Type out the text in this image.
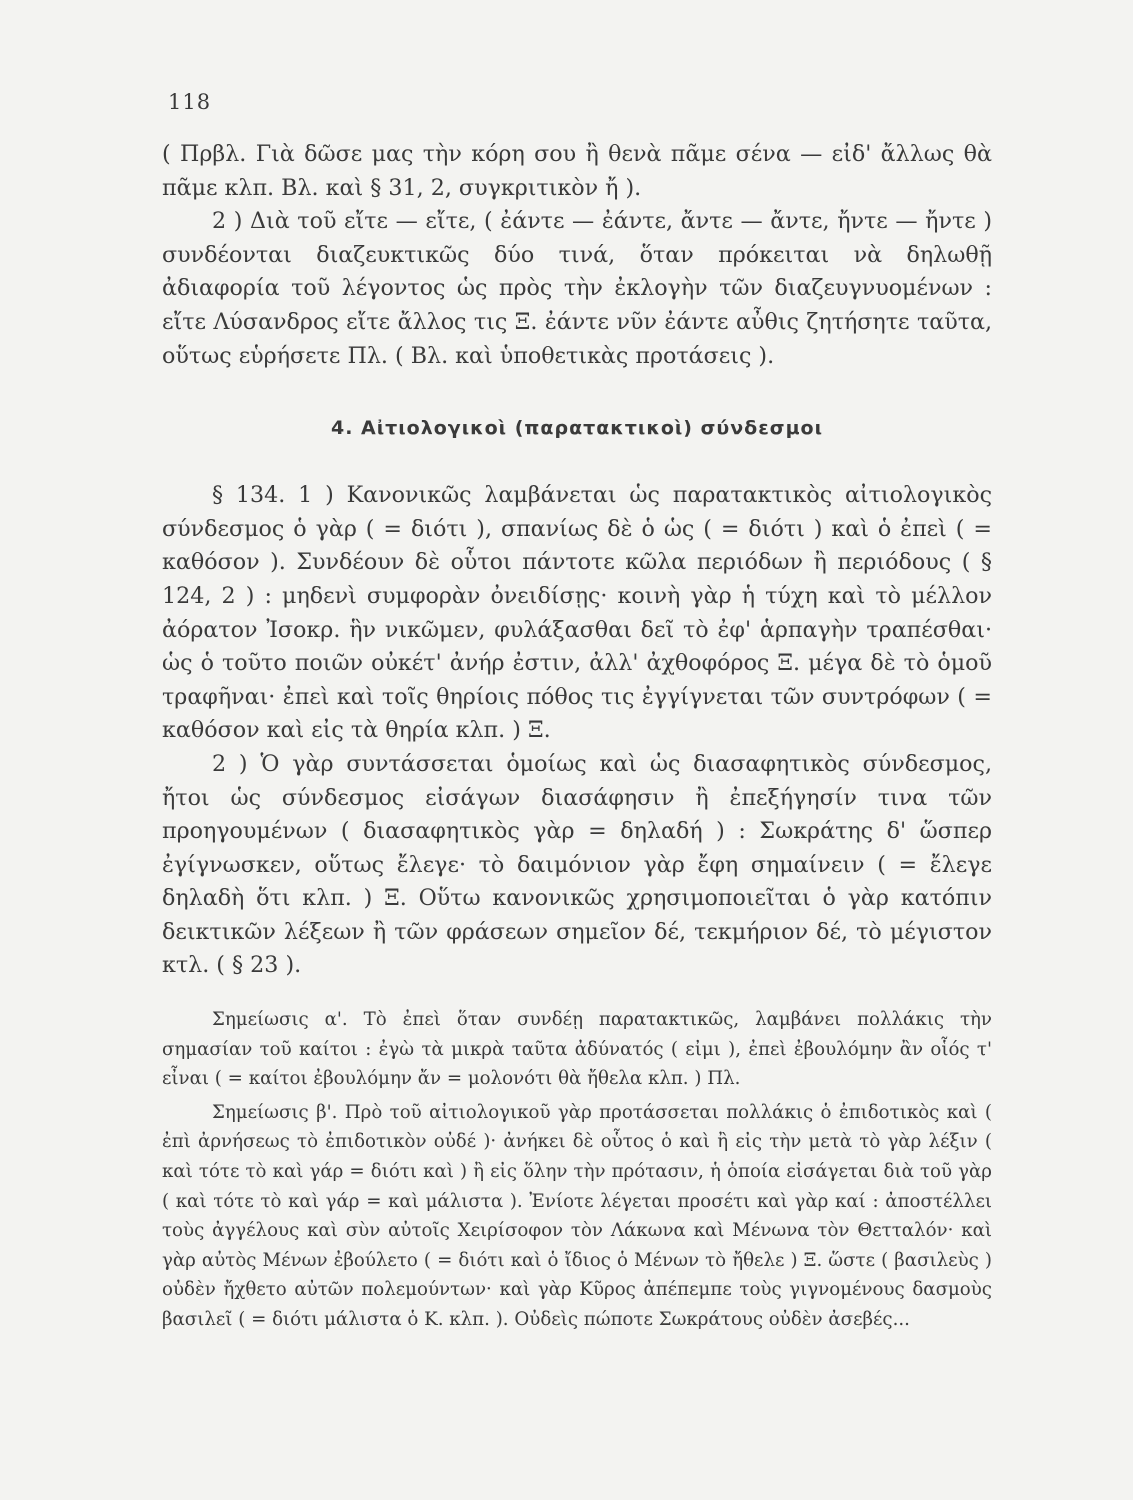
118

( Πρβλ. Γιὰ δῶσε μας τὴν κόρη σου ἢ θενὰ πᾶμε σένα — εἰδ' ἄλλως θὰ πᾶμε κλπ. Βλ. καὶ § 31, 2, συγκριτικὸν ἤ ).

2 ) Διὰ τοῦ εἴτε — εἴτε, ( ἐάντε — ἐάντε, ἄντε — ἄντε, ἤντε — ἤντε ) συνδέονται διαζευκτικῶς δύο τινά, ὅταν πρόκειται νὰ δηλωθῇ ἀδιαφορία τοῦ λέγοντος ὡς πρὸς τὴν ἐκλογὴν τῶν διαζευγνυομένων : εἴτε Λύσανδρος εἴτε ἄλλος τις Ξ. ἐάντε νῦν ἐάντε αὖθις ζητήσητε ταῦτα, οὕτως εὑρήσετε Πλ. ( Βλ. καὶ ὑποθετικὰς προτάσεις ).

4. Αἰτιολογικοὶ (παρατακτικοὶ) σύνδεσμοι

§ 134. 1 ) Κανονικῶς λαμβάνεται ὡς παρατακτικὸς αἰτιολογικὸς σύνδεσμος ὁ γὰρ ( = διότι ), σπανίως δὲ ὁ ὡς ( = διότι ) καὶ ὁ ἐπεὶ ( = καθόσον ). Συνδέουν δὲ οὗτοι πάντοτε κῶλα περιόδων ἢ περιόδους ( § 124, 2 ) : μηδενὶ συμφορὰν ὀνειδίσῃς· κοινὴ γὰρ ἡ τύχη καὶ τὸ μέλλον ἀόρατον Ἰσοκρ. ἣν νικῶμεν, φυλάξασθαι δεῖ τὸ ἐφ' ἁρπαγὴν τραπέσθαι· ὡς ὁ τοῦτο ποιῶν οὐκέτ' ἀνήρ ἐστιν, ἀλλ' ἀχθοφόρος Ξ. μέγα δὲ τὸ ὁμοῦ τραφῆναι· ἐπεὶ καὶ τοῖς θηρίοις πόθος τις ἐγγίγνεται τῶν συντρόφων ( = καθόσον καὶ εἰς τὰ θηρία κλπ. ) Ξ.

2 ) Ὁ γὰρ συντάσσεται ὁμοίως καὶ ὡς διασαφητικὸς σύνδεσμος, ἤτοι ὡς σύνδεσμος εἰσάγων διασάφησιν ἢ ἐπεξήγησίν τινα τῶν προηγουμένων ( διασαφητικὸς γὰρ = δηλαδή ) : Σωκράτης δ' ὥσπερ ἐγίγνωσκεν, οὕτως ἔλεγε· τὸ δαιμόνιον γὰρ ἔφη σημαίνειν ( = ἔλεγε δηλαδὴ ὅτι κλπ. ) Ξ. Οὕτω κανονικῶς χρησιμοποιεῖται ὁ γὰρ κατόπιν δεικτικῶν λέξεων ἢ τῶν φράσεων σημεῖον δέ, τεκμήριον δέ, τὸ μέγιστον κτλ. ( § 23 ).

Σημείωσις α'. Τὸ ἐπεὶ ὅταν συνδέῃ παρατακτικῶς, λαμβάνει πολλάκις τὴν σημασίαν τοῦ καίτοι : ἐγὼ τὰ μικρὰ ταῦτα ἀδύνατός ( εἰμι ), ἐπεὶ ἐβουλόμην ἂν οἷός τ' εἶναι ( = καίτοι ἐβουλόμην ἄν = μολονότι θὰ ἤθελα κλπ. ) Πλ.

Σημείωσις β'. Πρὸ τοῦ αἰτιολογικοῦ γὰρ προτάσσεται πολλάκις ὁ ἐπιδοτικὸς καὶ ( ἐπὶ ἀρνήσεως τὸ ἐπιδοτικὸν οὐδέ )· ἀνήκει δὲ οὗτος ὁ καὶ ἢ εἰς τὴν μετὰ τὸ γὰρ λέξιν ( καὶ τότε τὸ καὶ γάρ = διότι καὶ ) ἢ εἰς ὅλην τὴν πρότασιν, ἡ ὁποία εἰσάγεται διὰ τοῦ γὰρ ( καὶ τότε τὸ καὶ γάρ = καὶ μάλιστα ). Ἐνίοτε λέγεται προσέτι καὶ γὰρ καί : ἀποστέλλει τοὺς ἀγγέλους καὶ σὺν αὐτοῖς Χειρίσοφον τὸν Λάκωνα καὶ Μένωνα τὸν Θετταλόν· καὶ γὰρ αὐτὸς Μένων ἐβούλετο ( = διότι καὶ ὁ ἴδιος ὁ Μένων τὸ ἤθελε ) Ξ. ὥστε ( βασιλεὺς ) οὐδὲν ἤχθετο αὐτῶν πολεμούντων· καὶ γὰρ Κῦρος ἀπέπεμπε τοὺς γιγνομένους δασμοὺς βασιλεῖ ( = διότι μάλιστα ὁ Κ. κλπ. ). Οὐδεὶς πώποτε Σωκράτους οὐδὲν ἀσεβές...
